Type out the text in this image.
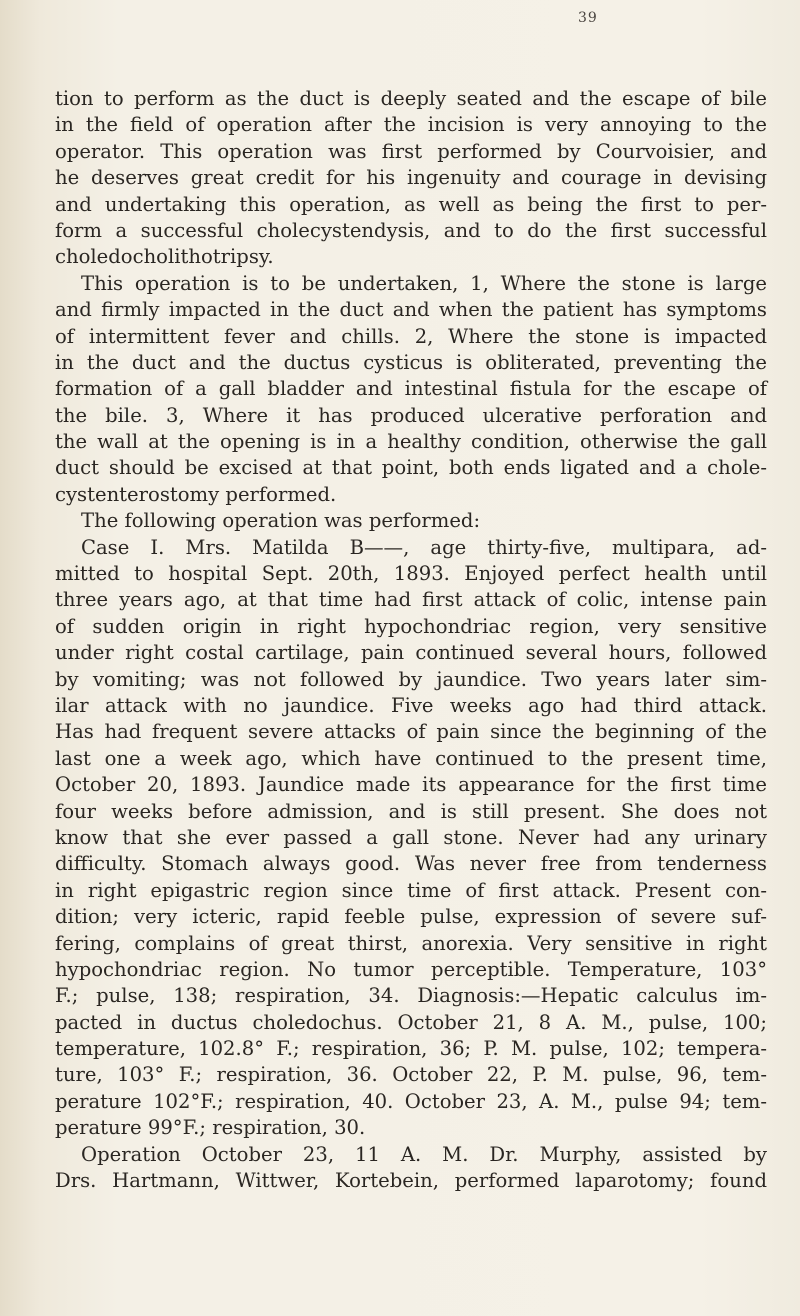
39
tion to perform as the duct is deeply seated and the escape of bile
in the field of operation after the incision is very annoying to the
operator. This operation was first performed by Courvoisier, and
he deserves great credit for his ingenuity and courage in devising
and undertaking this operation, as well as being the first to per-
form a successful cholecystendysis, and to do the first successful
choledocholithotripsy.
This operation is to be undertaken, 1, Where the stone is large
and firmly impacted in the duct and when the patient has symptoms
of intermittent fever and chills. 2, Where the stone is impacted
in the duct and the ductus cysticus is obliterated, preventing the
formation of a gall bladder and intestinal fistula for the escape of
the bile. 3, Where it has produced ulcerative perforation and
the wall at the opening is in a healthy condition, otherwise the gall
duct should be excised at that point, both ends ligated and a chole-
cystenterostomy performed.
The following operation was performed:
Case I. Mrs. Matilda B——, age thirty-five, multipara, ad-
mitted to hospital Sept. 20th, 1893. Enjoyed perfect health until
three years ago, at that time had first attack of colic, intense pain
of sudden origin in right hypochondriac region, very sensitive
under right costal cartilage, pain continued several hours, followed
by vomiting; was not followed by jaundice. Two years later sim-
ilar attack with no jaundice. Five weeks ago had third attack.
Has had frequent severe attacks of pain since the beginning of the
last one a week ago, which have continued to the present time,
October 20, 1893. Jaundice made its appearance for the first time
four weeks before admission, and is still present. She does not
know that she ever passed a gall stone. Never had any urinary
difficulty. Stomach always good. Was never free from tenderness
in right epigastric region since time of first attack. Present con-
dition; very icteric, rapid feeble pulse, expression of severe suf-
fering, complains of great thirst, anorexia. Very sensitive in right
hypochondriac region. No tumor perceptible. Temperature, 103°
F.; pulse, 138; respiration, 34. Diagnosis:—Hepatic calculus im-
pacted in ductus choledochus. October 21, 8 A. M., pulse, 100;
temperature, 102.8° F.; respiration, 36; P. M. pulse, 102; tempera-
ture, 103° F.; respiration, 36. October 22, P. M. pulse, 96, tem-
perature 102°F.; respiration, 40. October 23, A. M., pulse 94; tem-
perature 99°F.; respiration, 30.
Operation October 23, 11 A. M. Dr. Murphy, assisted by
Drs. Hartmann, Wittwer, Kortebein, performed laparotomy; found
